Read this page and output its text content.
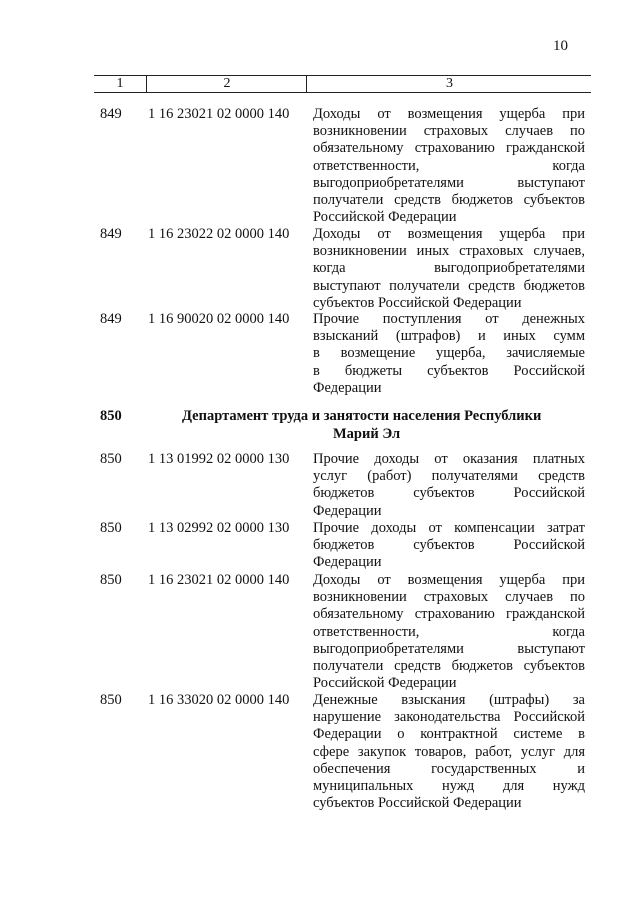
10
1	2	3
849	1 16 23021 02 0000 140	Доходы от возмещения ущерба при
возникновении страховых случаев по
обязательному страхованию гражданской
ответственности, когда
выгодоприобретателями выступают
получатели средств бюджетов субъектов
Российской Федерации
849	1 16 23022 02 0000 140	Доходы от возмещения ущерба при
возникновении иных страховых случаев,
когда выгодоприобретателями
выступают получатели средств бюджетов
субъектов Российской Федерации
849	1 16 90020 02 0000 140	Прочие поступления от денежных
взысканий (штрафов) и иных сумм
в возмещение ущерба, зачисляемые
в бюджеты субъектов Российской
Федерации
850	Департамент труда и занятости населения Республики
Марий Эл
850	1 13 01992 02 0000 130	Прочие доходы от оказания платных
услуг (работ) получателями средств
бюджетов субъектов Российской
Федерации
850	1 13 02992 02 0000 130	Прочие доходы от компенсации затрат
бюджетов субъектов Российской
Федерации
850	1 16 23021 02 0000 140	Доходы от возмещения ущерба при
возникновении страховых случаев по
обязательному страхованию гражданской
ответственности, когда
выгодоприобретателями выступают
получатели средств бюджетов субъектов
Российской Федерации
850	1 16 33020 02 0000 140	Денежные взыскания (штрафы) за
нарушение законодательства Российской
Федерации о контрактной системе в
сфере закупок товаров, работ, услуг для
обеспечения государственных и
муниципальных нужд для нужд
субъектов Российской Федерации
